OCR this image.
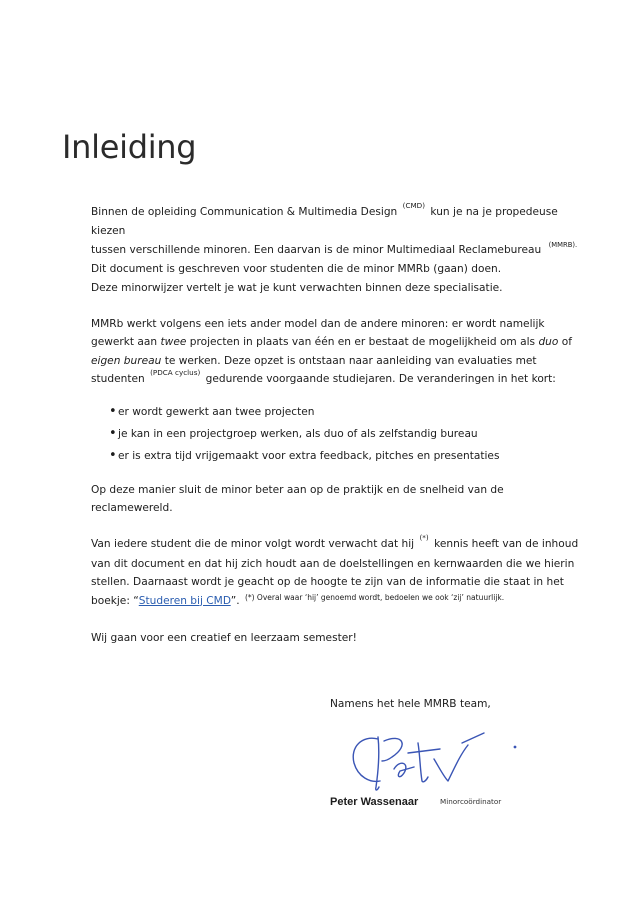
Inleiding

Binnen de opleiding Communication & Multimedia Design $^{(CMD)}$ kun je na je propedeuse kiezen

tussen verschillende minoren. Een daarvan is de minor Multimediaal Reclamebureau $^{(MMRB).}$

Dit document is geschreven voor studenten die de minor MMRb (gaan) doen.

Deze minorwijzer vertelt je wat je kunt verwachten binnen deze specialisatie.

MMRb werkt volgens een iets ander model dan de andere minoren: er wordt namelijk

gewerkt aan twee projecten in plaats van één en er bestaat de mogelijkheid om als duo of

eigen bureau te werken. Deze opzet is ontstaan naar aanleiding van evaluaties met

studenten $^{(PDCA cyclus)}$ gedurende voorgaande studiejaren. De veranderingen in het kort:

• er wordt gewerkt aan twee projecten
• je kan in een projectgroep werken, als duo of als zelfstandig bureau
• er is extra tijd vrijgemaakt voor extra feedback, pitches en presentaties

Op deze manier sluit de minor beter aan op de praktijk en de snelheid van de reclamewereld.

Van iedere student die de minor volgt wordt verwacht dat hij (*) kennis heeft van de inhoud

van dit document en dat hij zich houdt aan de doelstellingen en kernwaarden die we hierin

stellen. Daarnaast wordt je geacht op de hoogte te zijn van de informatie die staat in het

boekje: “Studeren bij CMD”. $^{(*) Overal waar ‘hij’ genoemd wordt, bedoelen we ook ‘zij’ natuurlijk.}$

Wij gaan voor een creatief en leerzaam semester!

Namens het hele MMRB team,
Peter Wassenaar	Minorcoördinator
